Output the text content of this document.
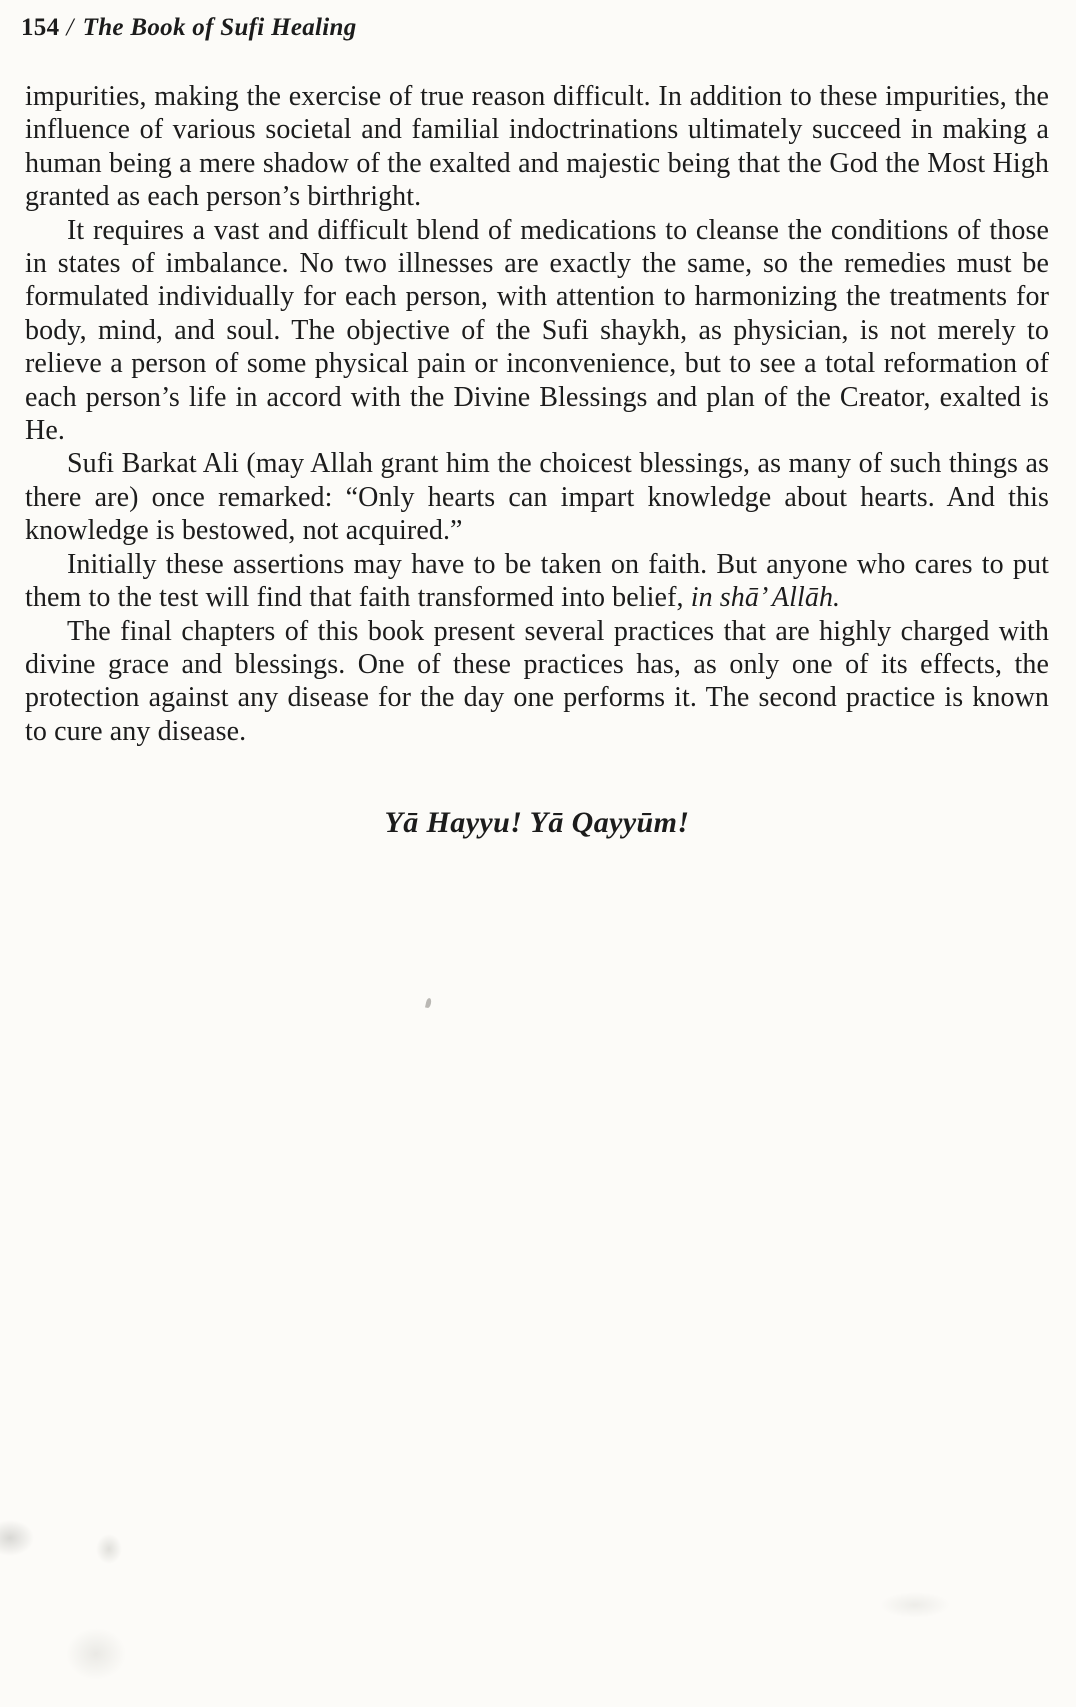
154 / The Book of Sufi Healing

impurities, making the exercise of true reason difficult. In addition to these impurities, the influence of various societal and familial indoctrinations ultimately succeed in making a human being a mere shadow of the exalted and majestic being that the God the Most High granted as each person’s birthright.

It requires a vast and difficult blend of medications to cleanse the conditions of those in states of imbalance. No two illnesses are exactly the same, so the remedies must be formulated individually for each person, with attention to harmonizing the treatments for body, mind, and soul. The objective of the Sufi shaykh, as physician, is not merely to relieve a person of some physical pain or inconvenience, but to see a total reformation of each person’s life in accord with the Divine Blessings and plan of the Creator, exalted is He.

Sufi Barkat Ali (may Allah grant him the choicest blessings, as many of such things as there are) once remarked: “Only hearts can impart knowledge about hearts. And this knowledge is bestowed, not acquired.”

Initially these assertions may have to be taken on faith. But anyone who cares to put them to the test will find that faith transformed into belief, in shā’ Allāh.

The final chapters of this book present several practices that are highly charged with divine grace and blessings. One of these practices has, as only one of its effects, the protection against any disease for the day one performs it. The second practice is known to cure any disease.

Yā Hayyu! Yā Qayyūm!
